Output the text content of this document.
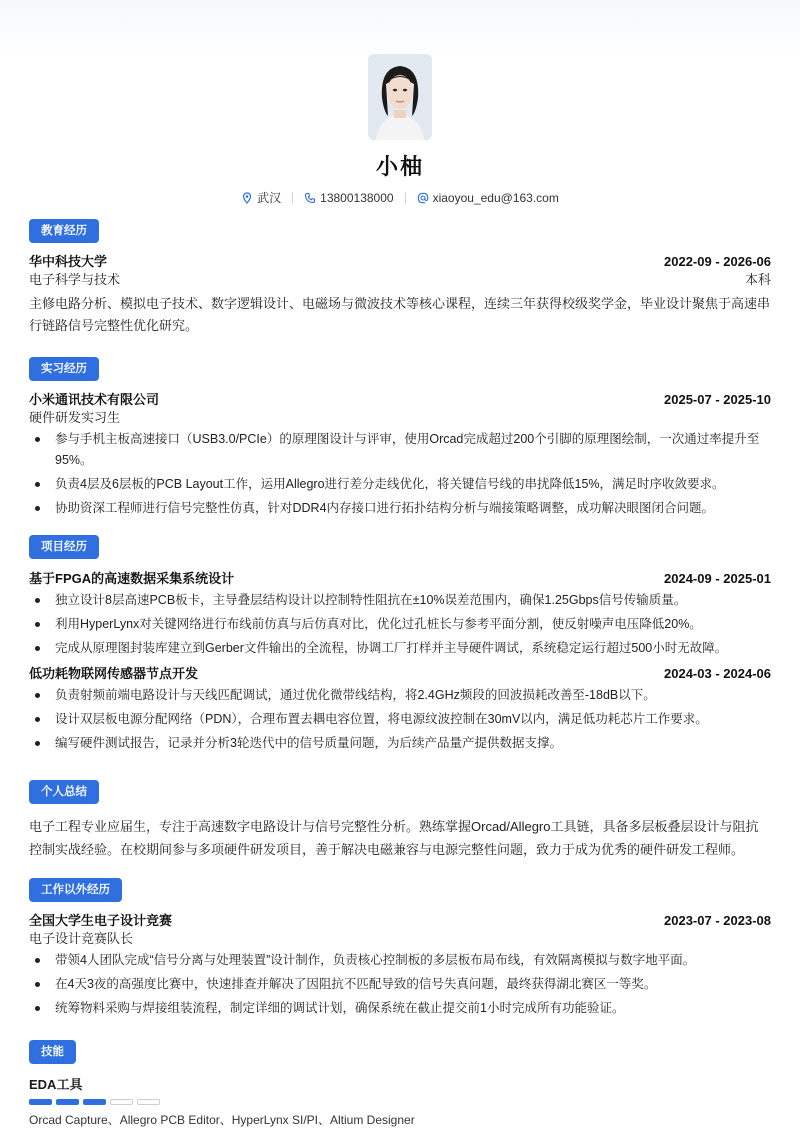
小柚
武汉	13800138000	xiaoyou_edu@163.com
教育经历
华中科技大学	2022-09 - 2026-06
电子科学与技术	本科
主修电路分析、模拟电子技术、数字逻辑设计、电磁场与微波技术等核心课程，连续三年获得校级奖学金，毕业设计聚焦于高速串行链路信号完整性优化研究。
实习经历
小米通讯技术有限公司	2025-07 - 2025-10
硬件研发实习生
参与手机主板高速接口（USB3.0/PCIe）的原理图设计与评审，使用Orcad完成超过200个引脚的原理图绘制，一次通过率提升至95%。
负责4层及6层板的PCB Layout工作，运用Allegro进行差分走线优化，将关键信号线的串扰降低15%，满足时序收敛要求。
协助资深工程师进行信号完整性仿真，针对DDR4内存接口进行拓扑结构分析与端接策略调整，成功解决眼图闭合问题。
项目经历
基于FPGA的高速数据采集系统设计	2024-09 - 2025-01
独立设计8层高速PCB板卡，主导叠层结构设计以控制特性阻抗在±10%误差范围内，确保1.25Gbps信号传输质量。
利用HyperLynx对关键网络进行布线前仿真与后仿真对比，优化过孔桩长与参考平面分割，使反射噪声电压降低20%。
完成从原理图封装库建立到Gerber文件输出的全流程，协调工厂打样并主导硬件调试，系统稳定运行超过500小时无故障。
低功耗物联网传感器节点开发	2024-03 - 2024-06
负责射频前端电路设计与天线匹配调试，通过优化微带线结构，将2.4GHz频段的回波损耗改善至-18dB以下。
设计双层板电源分配网络（PDN），合理布置去耦电容位置，将电源纹波控制在30mV以内，满足低功耗芯片工作要求。
编写硬件测试报告，记录并分析3轮迭代中的信号质量问题，为后续产品量产提供数据支撑。
个人总结
电子工程专业应届生，专注于高速数字电路设计与信号完整性分析。熟练掌握Orcad/Allegro工具链，具备多层板叠层设计与阻抗控制实战经验。在校期间参与多项硬件研发项目，善于解决电磁兼容与电源完整性问题，致力于成为优秀的硬件研发工程师。
工作以外经历
全国大学生电子设计竞赛	2023-07 - 2023-08
电子设计竞赛队长
带领4人团队完成“信号分离与处理装置”设计制作，负责核心控制板的多层板布局布线，有效隔离模拟与数字地平面。
在4天3夜的高强度比赛中，快速排查并解决了因阻抗不匹配导致的信号失真问题，最终获得湖北赛区一等奖。
统筹物料采购与焊接组装流程，制定详细的调试计划，确保系统在截止提交前1小时完成所有功能验证。
技能
EDA工具
Orcad Capture、Allegro PCB Editor、HyperLynx SI/PI、Altium Designer
